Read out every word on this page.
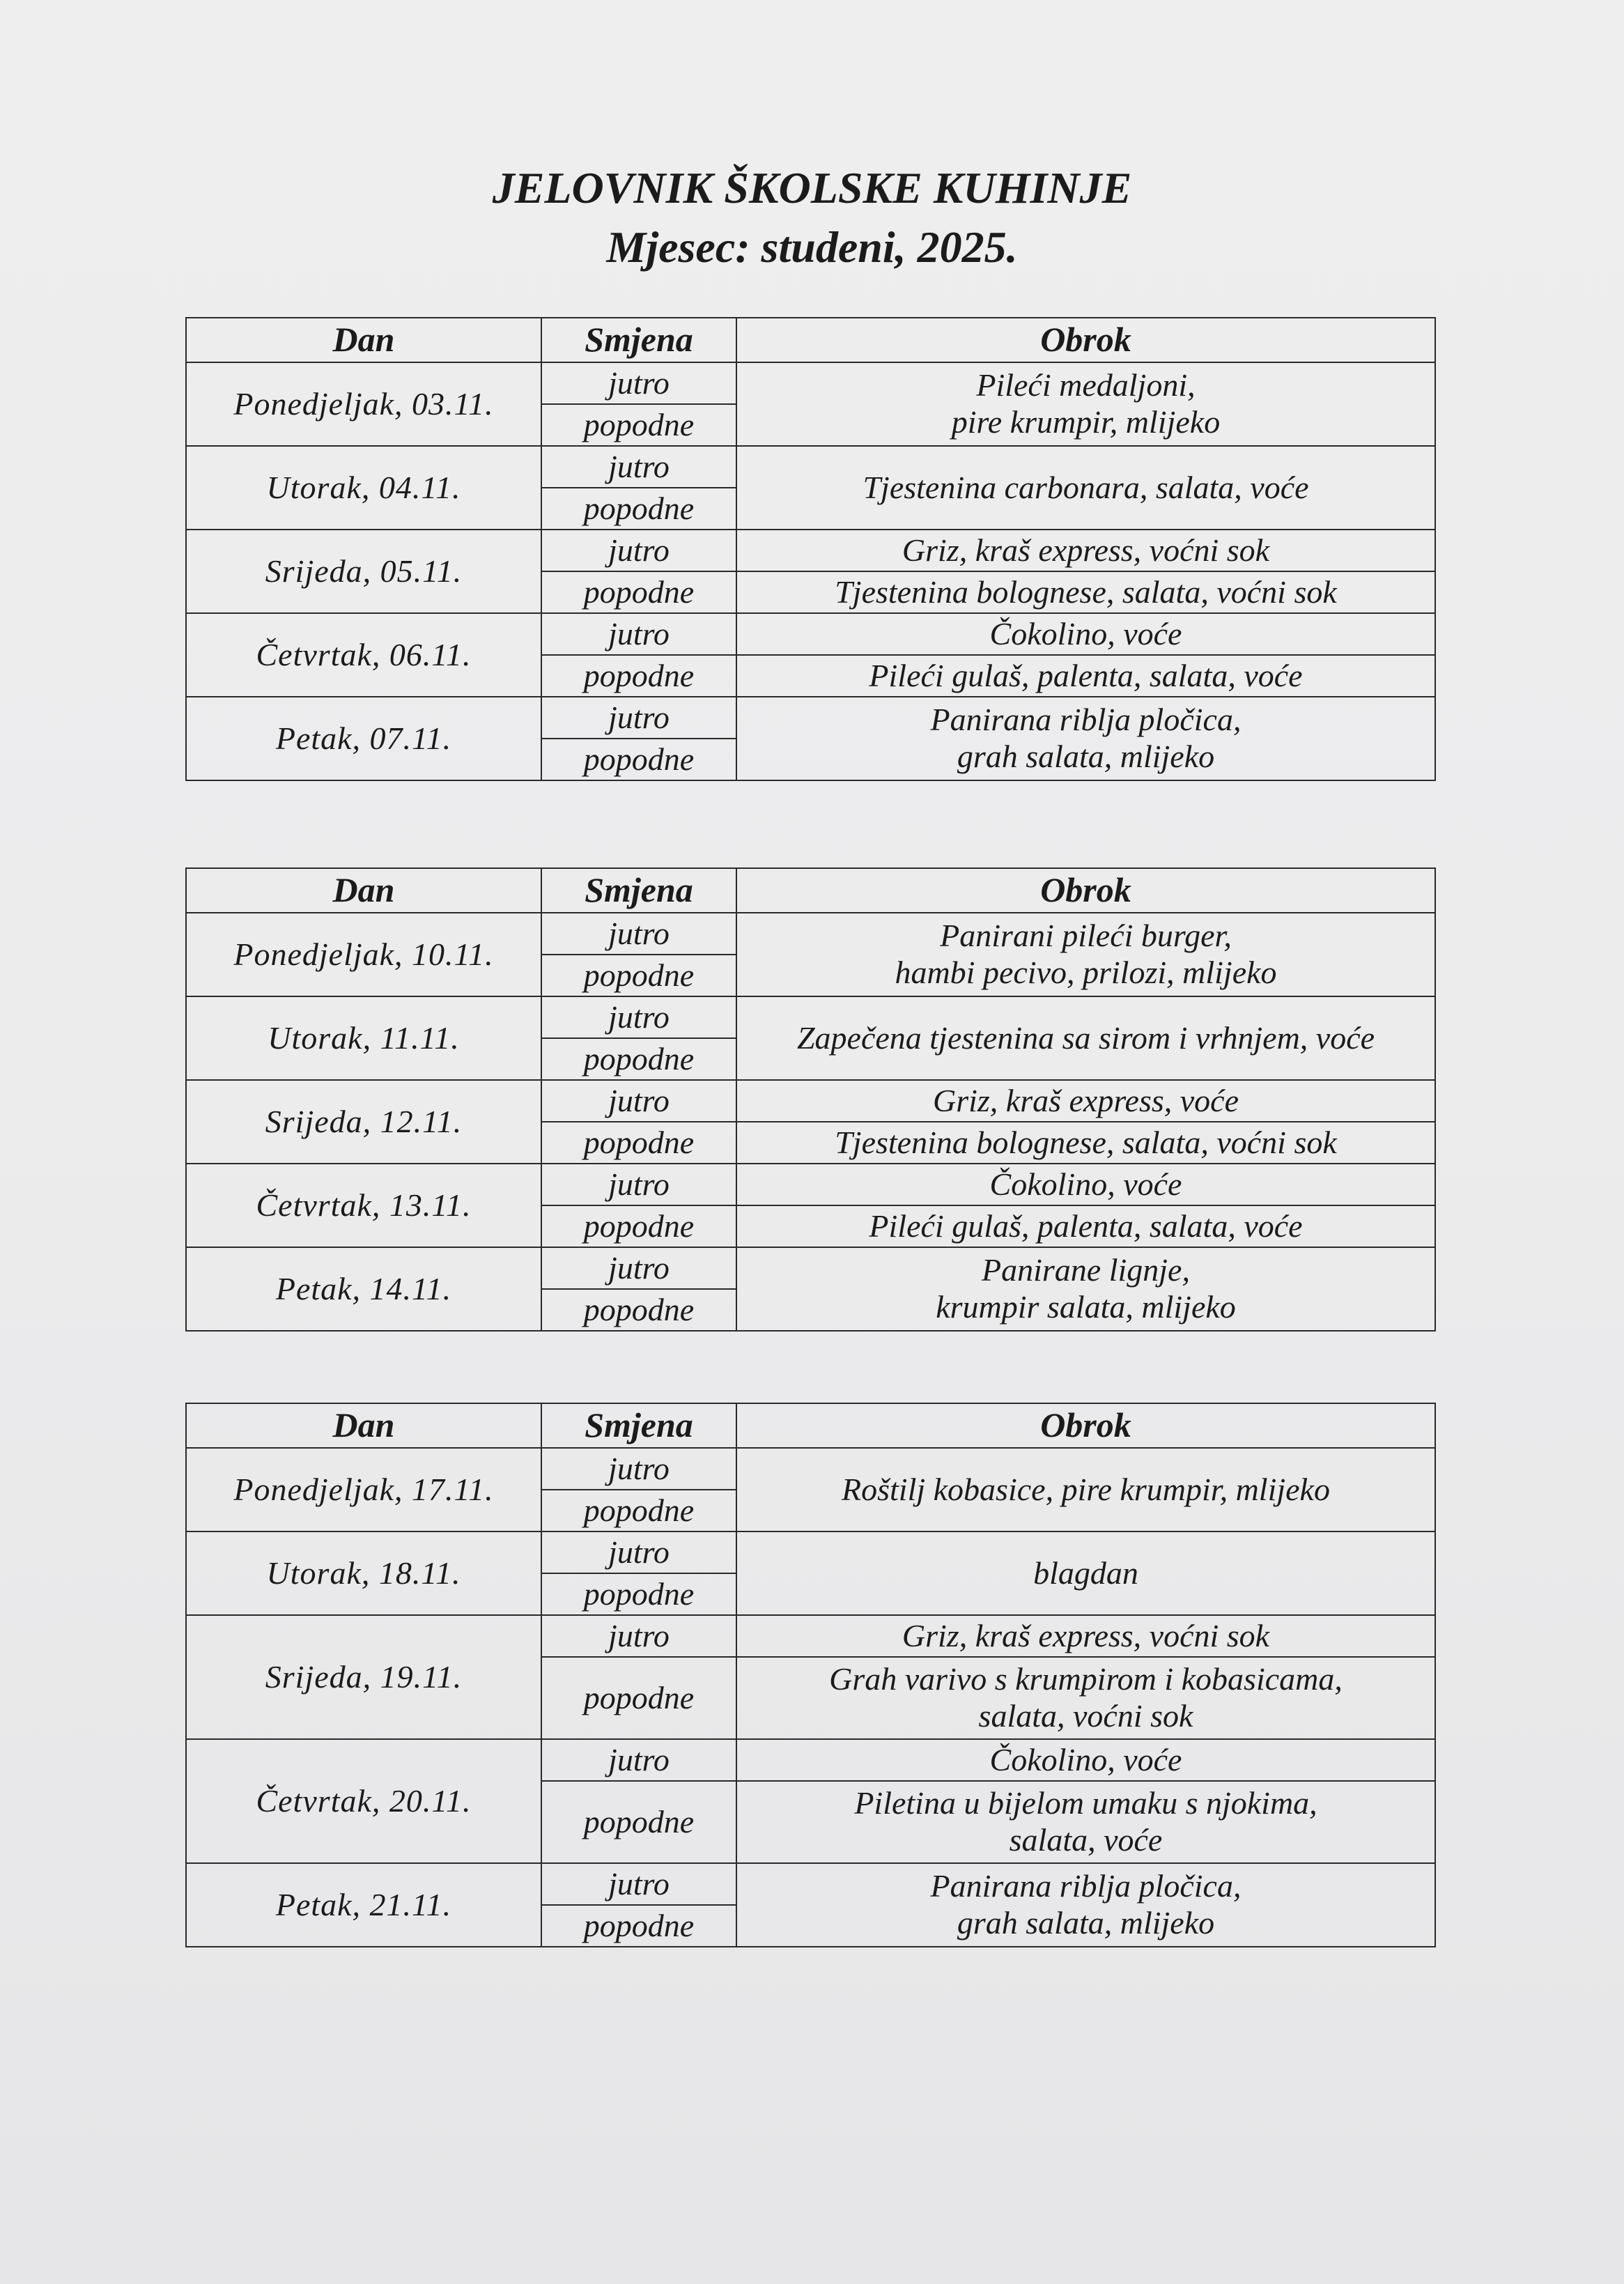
JELOVNIK ŠKOLSKE KUHINJE
Mjesec: studeni, 2025.
Dan	Smjena	Obrok
Ponedjeljak, 03.11.	jutro	Pileći medaljoni,
pire krumpir, mlijeko

	popodne	
Utorak, 04.11.	jutro	Tjestenina carbonara, salata, voće
	popodne	
Srijeda, 05.11.	jutro	Griz, kraš express, voćni sok
	popodne	Tjestenina bolognese, salata, voćni sok
Četvrtak, 06.11.	jutro	Čokolino, voće
	popodne	Pileći gulaš, palenta, salata, voće
Petak, 07.11.	jutro	Panirana riblja pločica,
grah salata, mlijeko

	popodne	
Dan	Smjena	Obrok
Ponedjeljak, 10.11.	jutro	Panirani pileći burger,
hambi pecivo, prilozi, mlijeko

	popodne	
Utorak, 11.11.	jutro	Zapečena tjestenina sa sirom i vrhnjem, voće
	popodne	
Srijeda, 12.11.	jutro	Griz, kraš express, voće
	popodne	Tjestenina bolognese, salata, voćni sok
Četvrtak, 13.11.	jutro	Čokolino, voće
	popodne	Pileći gulaš, palenta, salata, voće
Petak, 14.11.	jutro	Panirane lignje,
krumpir salata, mlijeko

	popodne	
Dan	Smjena	Obrok
Ponedjeljak, 17.11.	jutro	Roštilj kobasice, pire krumpir, mlijeko
	popodne	
Utorak, 18.11.	jutro	blagdan
	popodne	
Srijeda, 19.11.	jutro	Griz, kraš express, voćni sok
	popodne	Grah varivo s krumpirom i kobasicama,
salata, voćni sok

Četvrtak, 20.11.	jutro	Čokolino, voće
	popodne	Piletina u bijelom umaku s njokima,
salata, voće

Petak, 21.11.	jutro	Panirana riblja pločica,
grah salata, mlijeko

	popodne	
